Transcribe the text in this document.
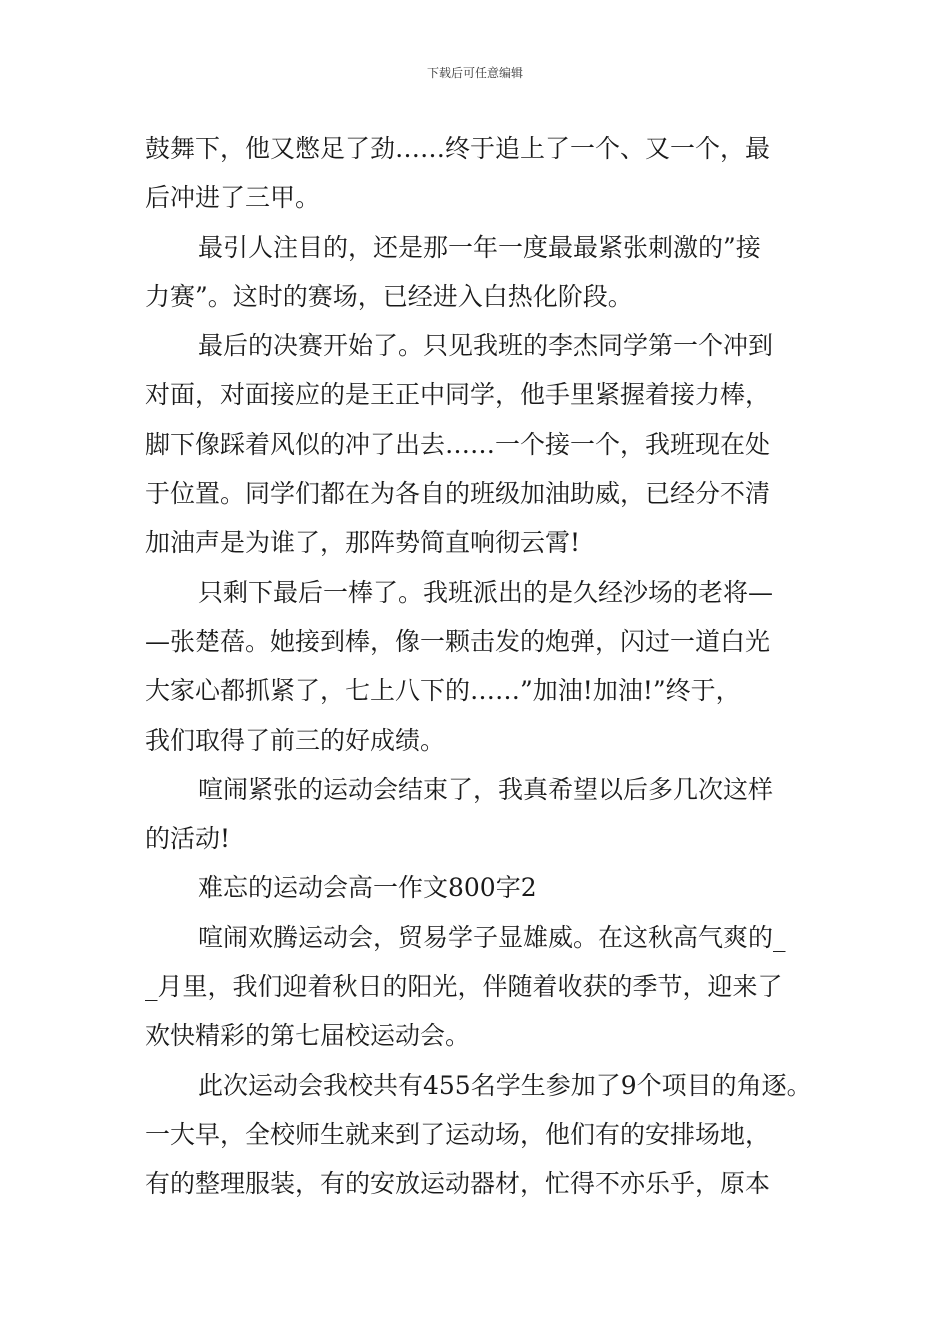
下载后可任意编辑
鼓舞下，他又憋足了劲……终于追上了一个、又一个，最
后冲进了三甲。
最引人注目的，还是那一年一度最最紧张刺激的”接
力赛”。这时的赛场，已经进入白热化阶段。
最后的决赛开始了。只见我班的李杰同学第一个冲到
对面，对面接应的是王正中同学，他手里紧握着接力棒，
脚下像踩着风似的冲了出去……一个接一个，我班现在处
于位置。同学们都在为各自的班级加油助威，已经分不清
加油声是为谁了，那阵势简直响彻云霄!
只剩下最后一棒了。我班派出的是久经沙场的老将—
—张楚蓓。她接到棒，像一颗击发的炮弹，闪过一道白光
大家心都抓紧了，七上八下的……”加油!加油!”终于，
我们取得了前三的好成绩。
喧闹紧张的运动会结束了，我真希望以后多几次这样
的活动!
难忘的运动会高一作文800字2
喧闹欢腾运动会，贸易学子显雄威。在这秋高气爽的_
_月里，我们迎着秋日的阳光，伴随着收获的季节，迎来了
欢快精彩的第七届校运动会。
此次运动会我校共有455名学生参加了9个项目的角逐。
一大早，全校师生就来到了运动场，他们有的安排场地，
有的整理服装，有的安放运动器材，忙得不亦乐乎，原本
